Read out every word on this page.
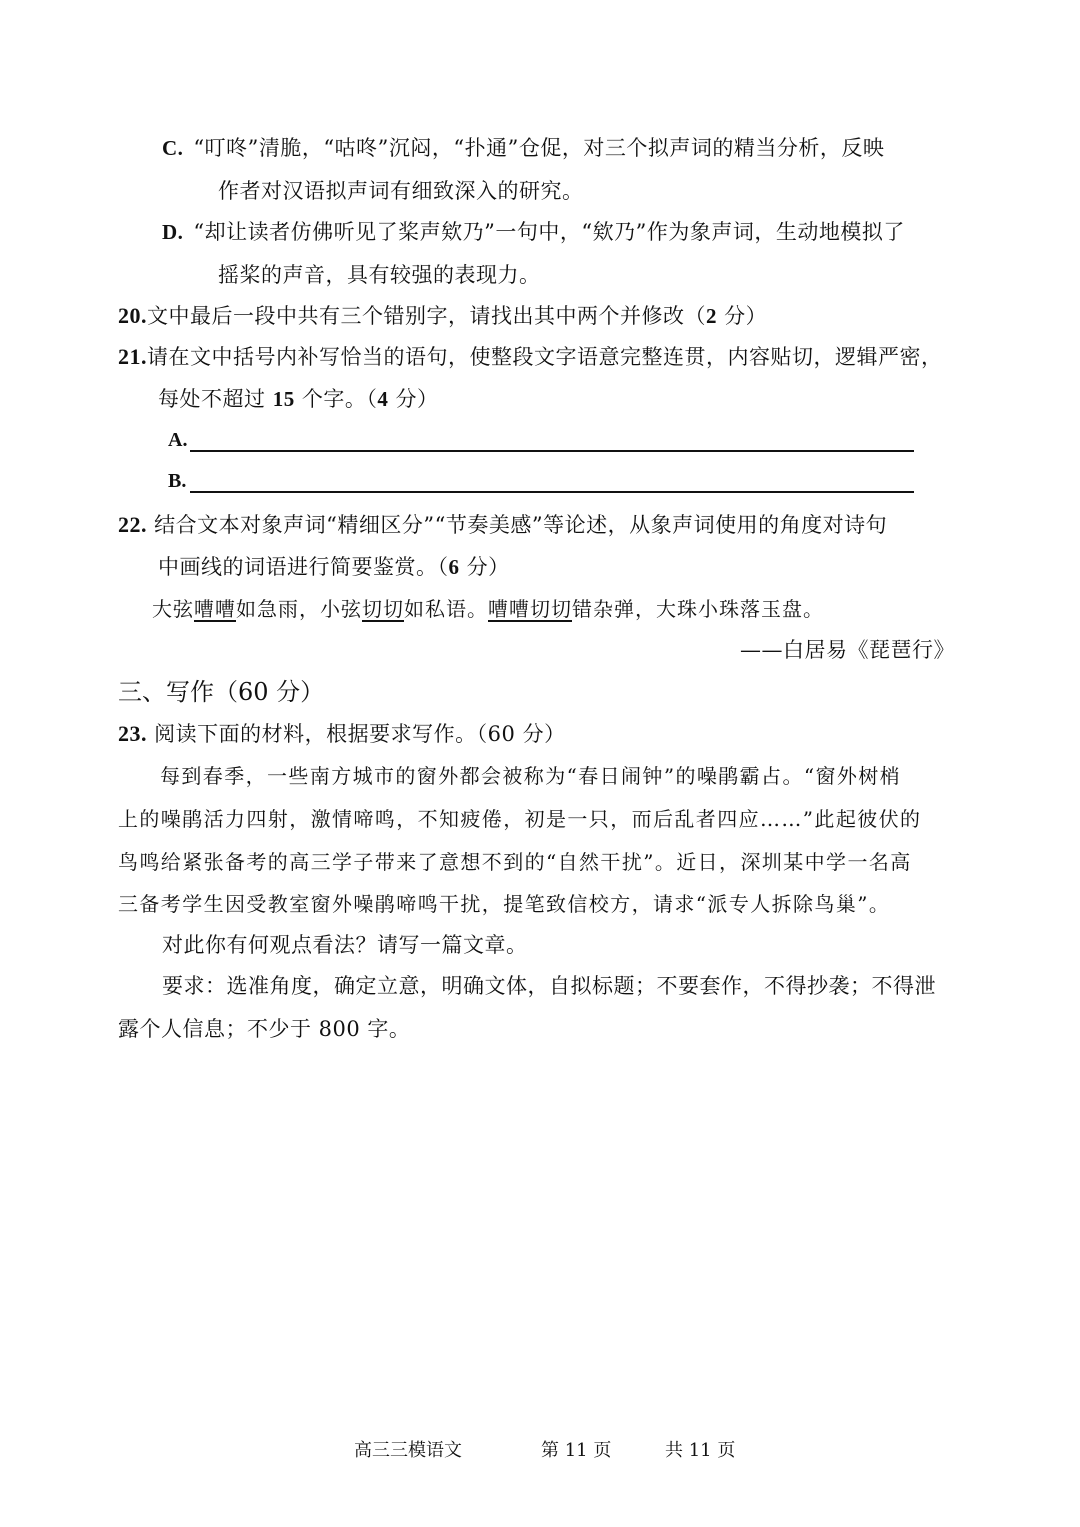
C. “叮咚”清脆，“咕咚”沉闷，“扑通”仓促，对三个拟声词的精当分析，反映
作者对汉语拟声词有细致深入的研究。
D. “却让读者仿佛听见了桨声欸乃”一句中，“欸乃”作为象声词，生动地模拟了
摇桨的声音，具有较强的表现力。
20.文中最后一段中共有三个错别字，请找出其中两个并修改（2 分）
21.请在文中括号内补写恰当的语句，使整段文字语意完整连贯，内容贴切，逻辑严密，
每处不超过 15 个字。（4 分）
A.
B.
22. 结合文本对象声词“精细区分”“节奏美感”等论述，从象声词使用的角度对诗句
中画线的词语进行简要鉴赏。（6 分）
大弦嘈嘈如急雨，小弦切切如私语。嘈嘈切切错杂弹，大珠小珠落玉盘。
——白居易《琵琶行》
三、写作（60 分）
23. 阅读下面的材料，根据要求写作。（60 分）
每到春季，一些南方城市的窗外都会被称为“春日闹钟”的噪鹃霸占。“窗外树梢
上的噪鹃活力四射，激情啼鸣，不知疲倦，初是一只，而后乱者四应……”此起彼伏的
鸟鸣给紧张备考的高三学子带来了意想不到的“自然干扰”。近日，深圳某中学一名高
三备考学生因受教室窗外噪鹃啼鸣干扰，提笔致信校方，请求“派专人拆除鸟巢”。
对此你有何观点看法？请写一篇文章。
要求：选准角度，确定立意，明确文体，自拟标题；不要套作，不得抄袭；不得泄
露个人信息；不少于 800 字。
高三三模语文	第 11 页	共 11 页
